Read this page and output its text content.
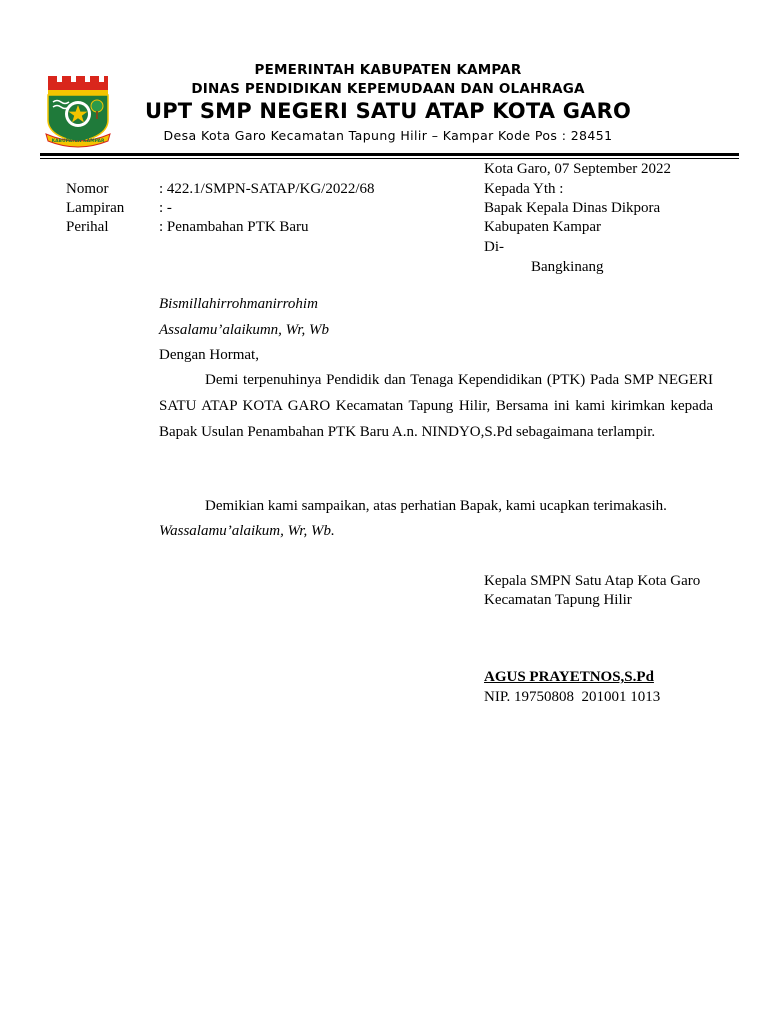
KABUPATEN KAMPAR
PEMERINTAH KABUPATEN KAMPAR
DINAS PENDIDIKAN KEPEMUDAAN DAN OLAHRAGA
UPT SMP NEGERI SATU ATAP KOTA GARO
Desa Kota Garo Kecamatan Tapung Hilir – Kampar Kode Pos : 28451
Nomor	: 422.1/SMPN-SATAP/KG/2022/68
Lampiran : -
Perihal	: Penambahan PTK Baru
Kota Garo, 07 September 2022
Kepada Yth :
Bapak Kepala Dinas Dikpora
Kabupaten Kampar
Di-
Bangkinang
Bismillahirrohmanirrohim
Assalamu’alaikumn, Wr, Wb
Dengan Hormat,
Demi terpenuhinya Pendidik dan Tenaga Kependidikan (PTK) Pada SMP NEGERI SATU ATAP KOTA GARO Kecamatan Tapung Hilir, Bersama ini kami kirimkan kepada Bapak Usulan Penambahan PTK Baru A.n. NINDYO,S.Pd sebagaimana terlampir.
Demikian kami sampaikan, atas perhatian Bapak, kami ucapkan terimakasih.
Wassalamu’alaikum, Wr, Wb.
Kepala SMPN Satu Atap Kota Garo
Kecamatan Tapung Hilir
AGUS PRAYETNOS,S.Pd
NIP. 19750808  201001 1013
